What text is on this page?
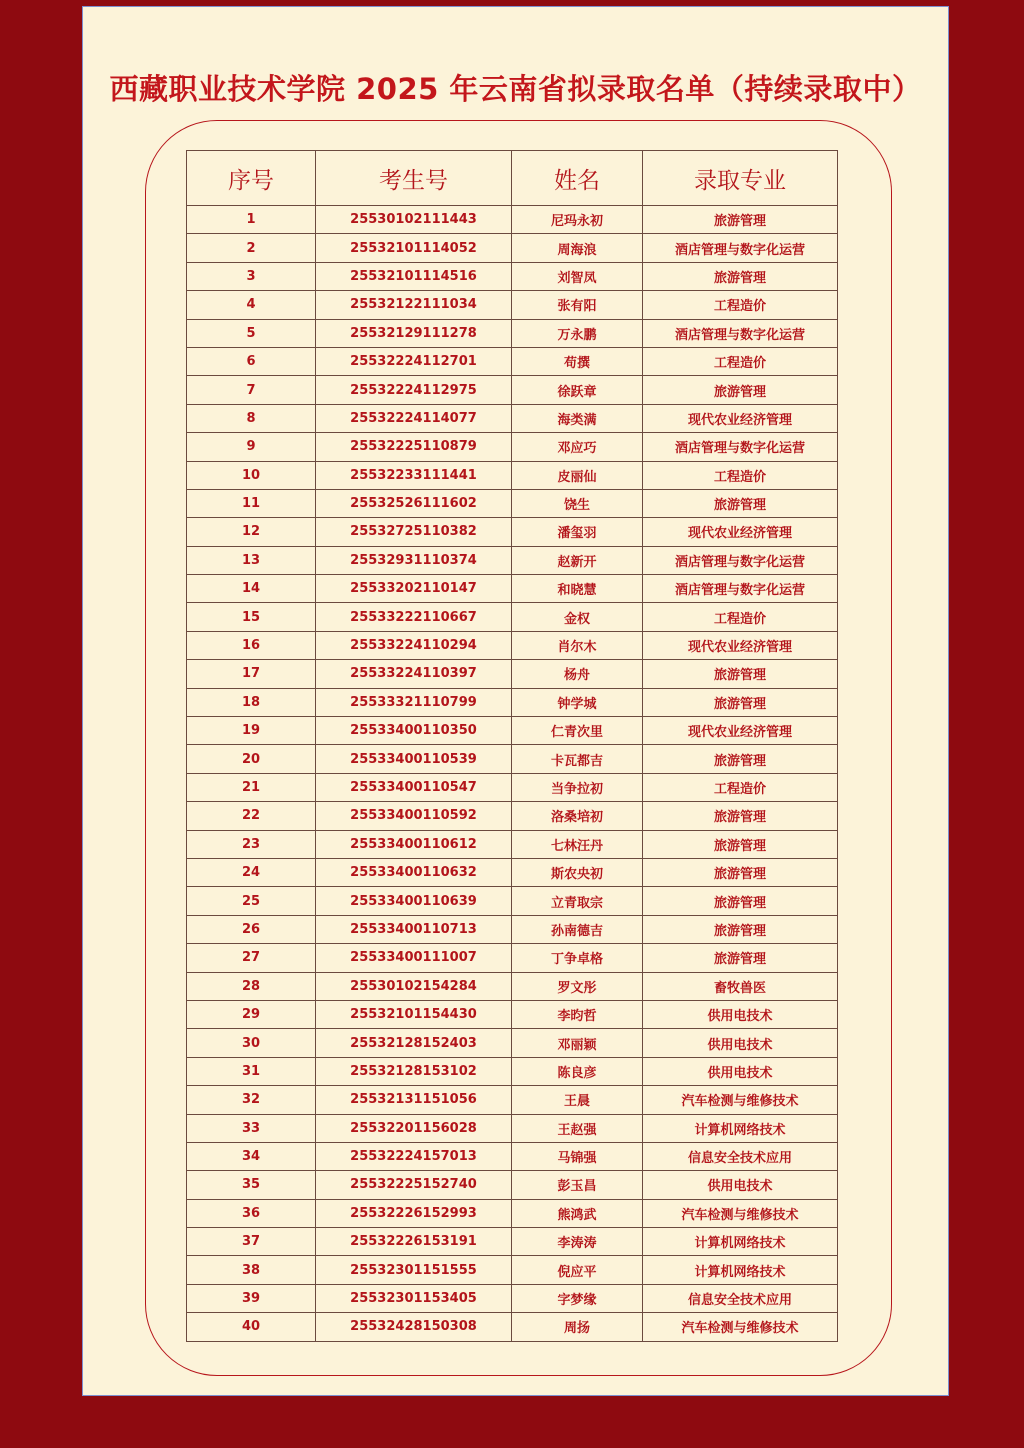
西藏职业技术学院 2025 年云南省拟录取名单（持续录取中）
序号	考生号	姓名	录取专业
1	25530102111443	尼玛永初	旅游管理
2	25532101114052	周海浪	酒店管理与数字化运营
3	25532101114516	刘智凤	旅游管理
4	25532122111034	张有阳	工程造价
5	25532129111278	万永鹏	酒店管理与数字化运营
6	25532224112701	苟撰	工程造价
7	25532224112975	徐跃章	旅游管理
8	25532224114077	海类满	现代农业经济管理
9	25532225110879	邓应巧	酒店管理与数字化运营
10	25532233111441	皮丽仙	工程造价
11	25532526111602	饶生	旅游管理
12	25532725110382	潘玺羽	现代农业经济管理
13	25532931110374	赵新开	酒店管理与数字化运营
14	25533202110147	和晓慧	酒店管理与数字化运营
15	25533222110667	金权	工程造价
16	25533224110294	肖尔木	现代农业经济管理
17	25533224110397	杨舟	旅游管理
18	25533321110799	钟学城	旅游管理
19	25533400110350	仁青次里	现代农业经济管理
20	25533400110539	卡瓦都吉	旅游管理
21	25533400110547	当争拉初	工程造价
22	25533400110592	洛桑培初	旅游管理
23	25533400110612	七林汪丹	旅游管理
24	25533400110632	斯农央初	旅游管理
25	25533400110639	立青取宗	旅游管理
26	25533400110713	孙南德吉	旅游管理
27	25533400111007	丁争卓格	旅游管理
28	25530102154284	罗文彤	畜牧兽医
29	25532101154430	李昀哲	供用电技术
30	25532128152403	邓丽颖	供用电技术
31	25532128153102	陈良彦	供用电技术
32	25532131151056	王晨	汽车检测与维修技术
33	25532201156028	王赵强	计算机网络技术
34	25532224157013	马锦强	信息安全技术应用
35	25532225152740	彭玉昌	供用电技术
36	25532226152993	熊鸿武	汽车检测与维修技术
37	25532226153191	李涛涛	计算机网络技术
38	25532301151555	倪应平	计算机网络技术
39	25532301153405	字梦缘	信息安全技术应用
40	25532428150308	周扬	汽车检测与维修技术
